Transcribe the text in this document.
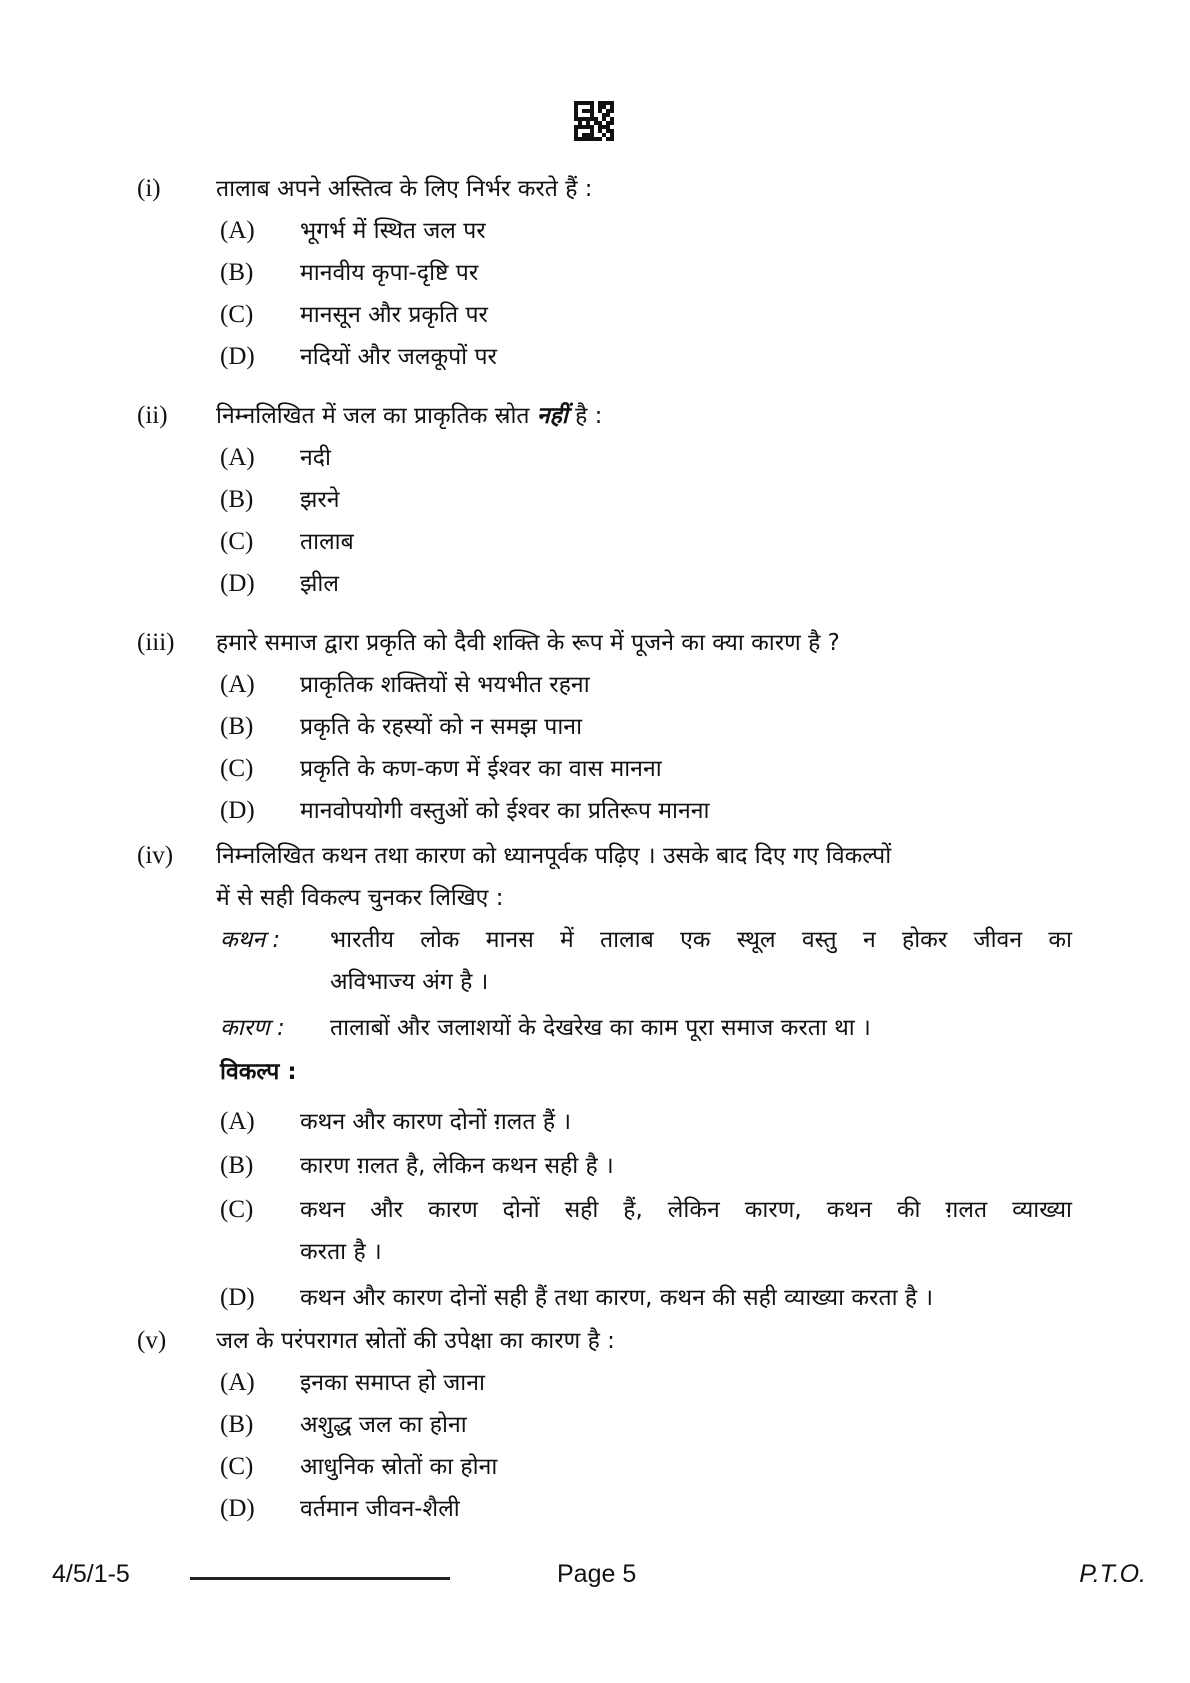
(i) तालाब अपने अस्तित्व के लिए निर्भर करते हैं :
(A) भूगर्भ में स्थित जल पर
(B) मानवीय कृपा-दृष्टि पर
(C) मानसून और प्रकृति पर
(D) नदियों और जलकूपों पर
(ii) निम्नलिखित में जल का प्राकृतिक स्रोत नहीं है :
(A) नदी
(B) झरने
(C) तालाब
(D) झील
(iii) हमारे समाज द्वारा प्रकृति को दैवी शक्ति के रूप में पूजने का क्या कारण है ?
(A) प्राकृतिक शक्तियों से भयभीत रहना
(B) प्रकृति के रहस्यों को न समझ पाना
(C) प्रकृति के कण-कण में ईश्वर का वास मानना
(D) मानवोपयोगी वस्तुओं को ईश्वर का प्रतिरूप मानना
(iv) निम्नलिखित कथन तथा कारण को ध्यानपूर्वक पढ़िए । उसके बाद दिए गए विकल्पों
में से सही विकल्प चुनकर लिखिए :
कथन : भारतीय लोक मानस में तालाब एक स्थूल वस्तु न होकर जीवन का
अविभाज्य अंग है ।
कारण : तालाबों और जलाशयों के देखरेख का काम पूरा समाज करता था ।
विकल्प :
(A) कथन और कारण दोनों ग़लत हैं ।
(B) कारण ग़लत है, लेकिन कथन सही है ।
(C) कथन और कारण दोनों सही हैं, लेकिन कारण, कथन की ग़लत व्याख्या
करता है ।
(D) कथन और कारण दोनों सही हैं तथा कारण, कथन की सही व्याख्या करता है ।
(v) जल के परंपरागत स्रोतों की उपेक्षा का कारण है :
(A) इनका समाप्त हो जाना
(B) अशुद्ध जल का होना
(C) आधुनिक स्रोतों का होना
(D) वर्तमान जीवन-शैली
4/5/1-5	Page 5	P.T.O.
